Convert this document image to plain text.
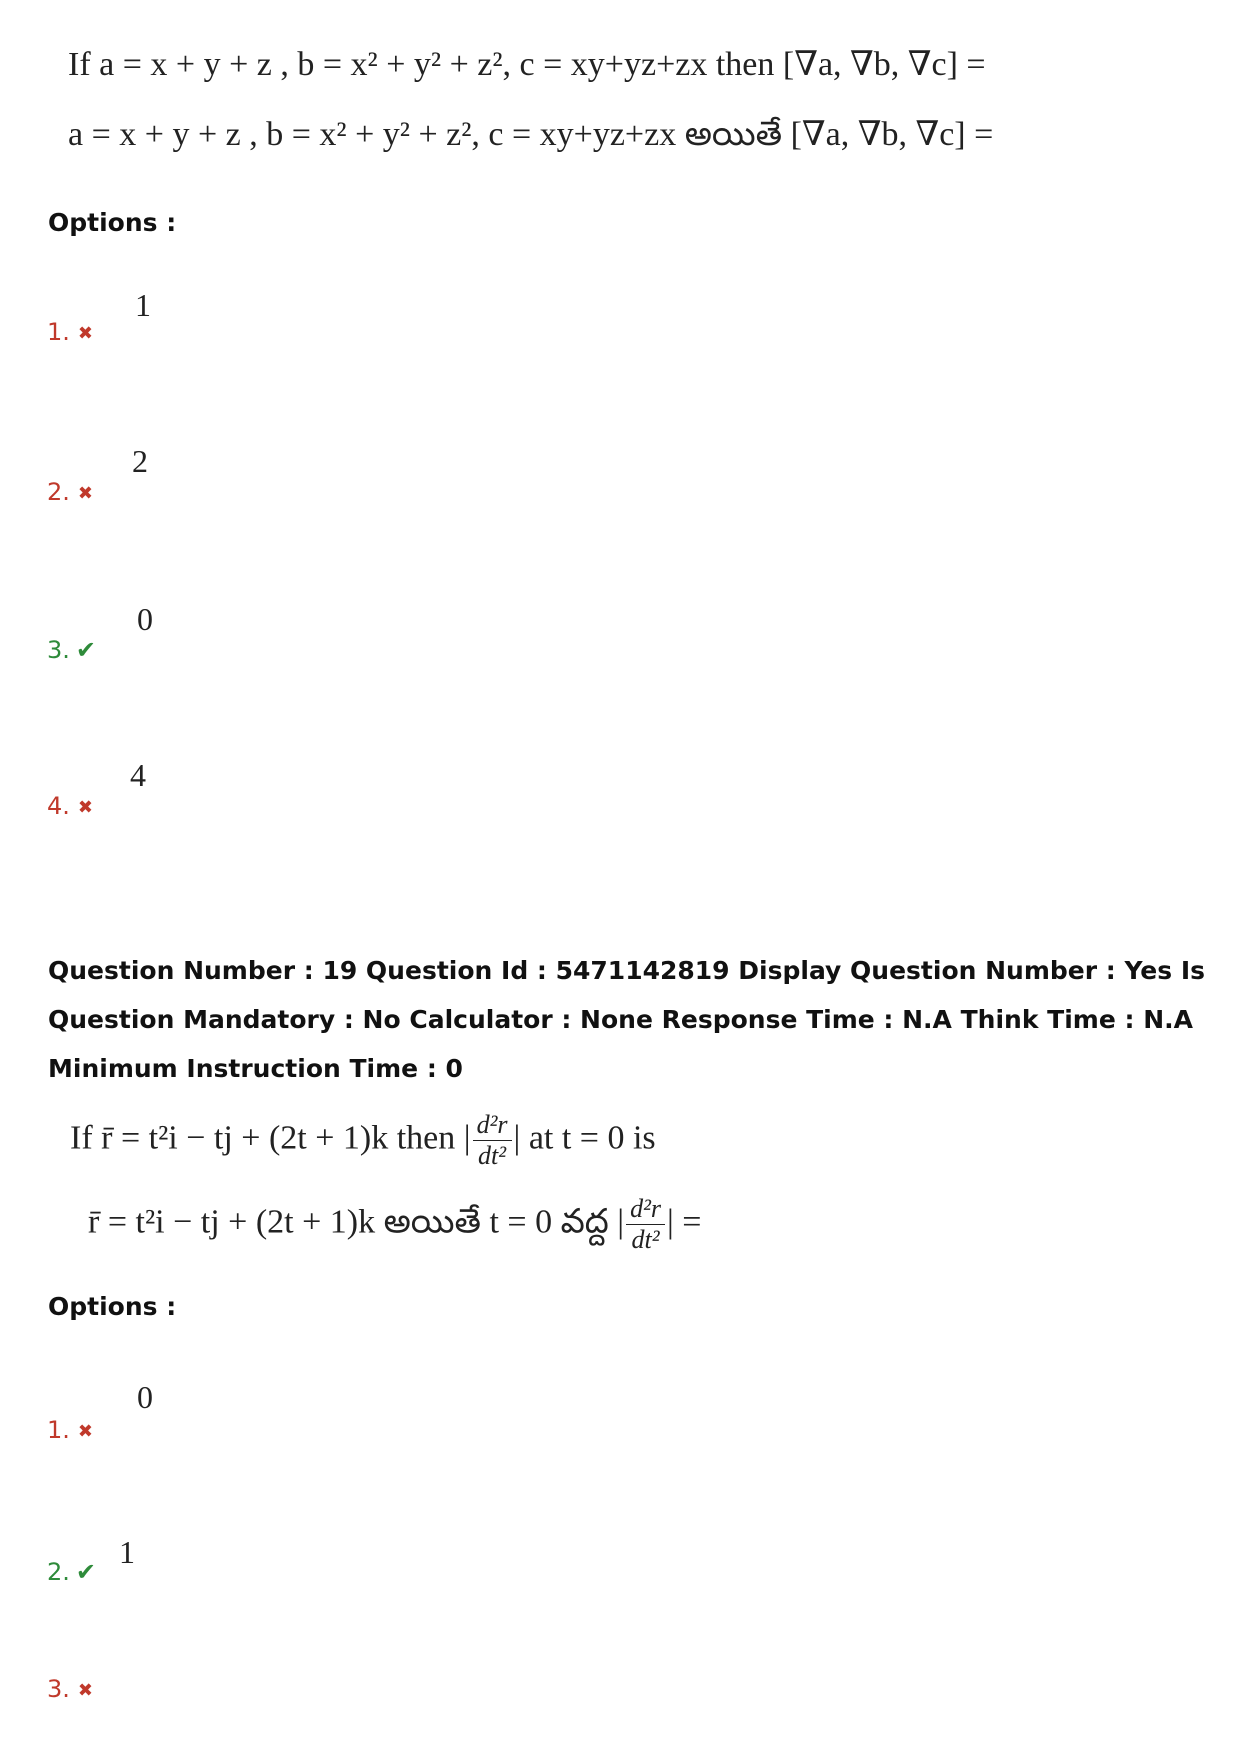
If a = x + y + z , b = x² + y² + z², c = xy+yz+zx then [∇a, ∇b, ∇c] =
a = x + y + z , b = x² + y² + z², c = xy+yz+zx అయితే [∇a, ∇b, ∇c] =
Options :
1
1. ✖
2
2. ✖
0
3. ✔
4
4. ✖
Question Number : 19 Question Id : 5471142819 Display Question Number : Yes Is Question Mandatory : No Calculator : None Response Time : N.A Think Time : N.A Minimum Instruction Time : 0
If r̄ = t²i − tj + (2t + 1)k then | $\frac{\text{d²r}}{\text{dt²}}$ | at t = 0 is
r̄ = t²i − tj + (2t + 1)k అయితే t = 0 వద్ద | $\frac{\text{d²r}}{\text{dt²}}$ | =
Options :
0
1. ✖
1
2. ✔
3. ✖
